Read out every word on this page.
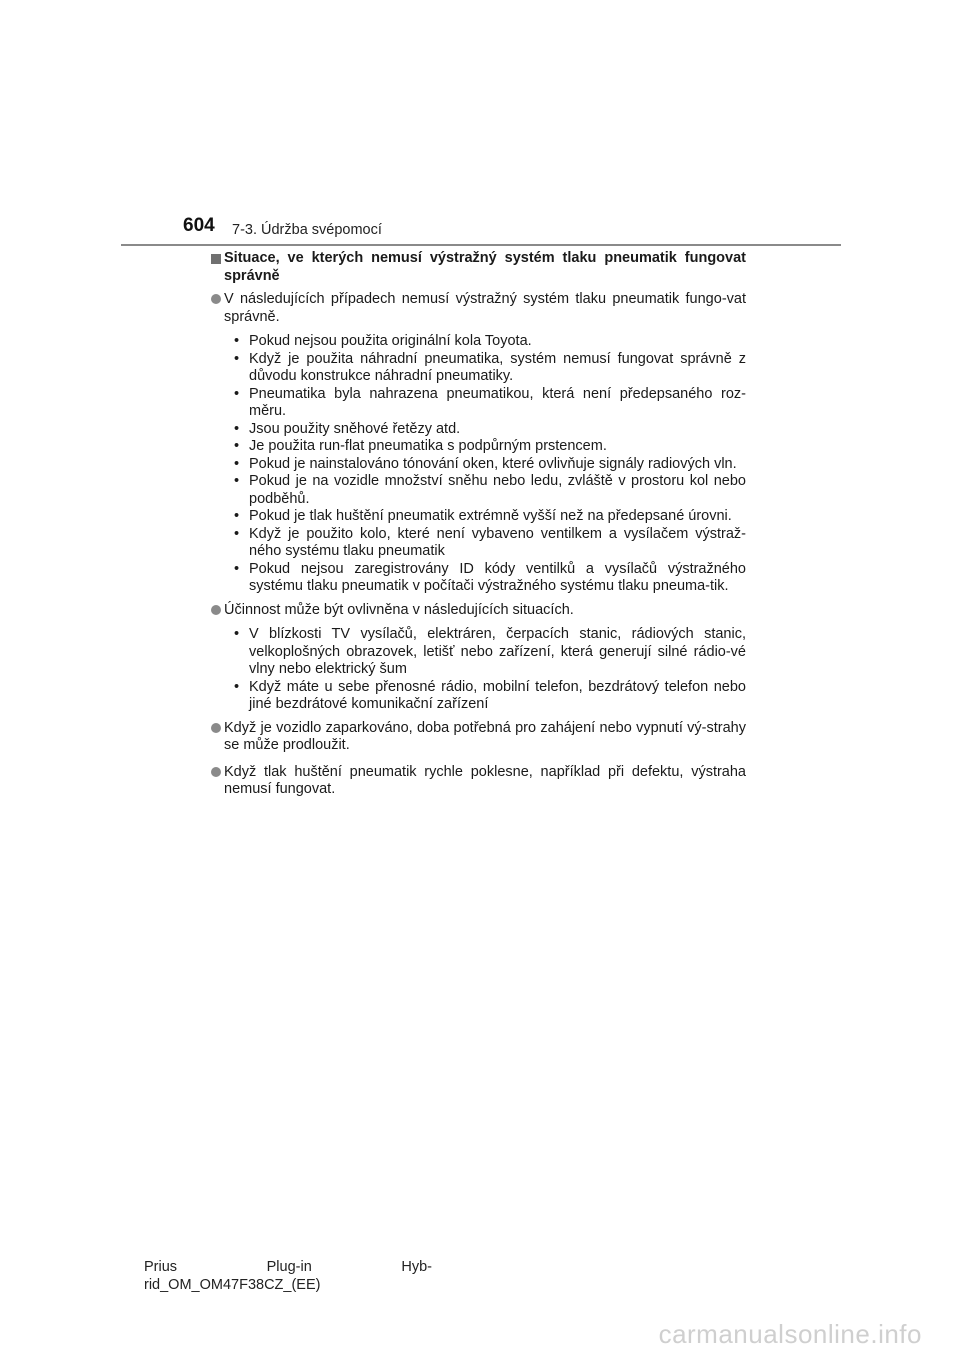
604 7-3. Údržba svépomocí
Situace, ve kterých nemusí výstražný systém tlaku pneumatik fungovat správně
V následujících případech nemusí výstražný systém tlaku pneumatik fungo-vat správně.
• Pokud nejsou použita originální kola Toyota.
• Když je použita náhradní pneumatika, systém nemusí fungovat správně z důvodu konstrukce náhradní pneumatiky.
• Pneumatika byla nahrazena pneumatikou, která není předepsaného roz-měru.
• Jsou použity sněhové řetězy atd.
• Je použita run-flat pneumatika s podpůrným prstencem.
• Pokud je nainstalováno tónování oken, které ovlivňuje signály radiových vln.
• Pokud je na vozidle množství sněhu nebo ledu, zvláště v prostoru kol nebo podběhů.
• Pokud je tlak huštění pneumatik extrémně vyšší než na předepsané úrovni.
• Když je použito kolo, které není vybaveno ventilkem a vysílačem výstraž-ného systému tlaku pneumatik
• Pokud nejsou zaregistrovány ID kódy ventilků a vysílačů výstražného systému tlaku pneumatik v počítači výstražného systému tlaku pneuma-tik.
Účinnost může být ovlivněna v následujících situacích.
• V blízkosti TV vysílačů, elektráren, čerpacích stanic, rádiových stanic, velkoplošných obrazovek, letišť nebo zařízení, která generují silné rádio-vé vlny nebo elektrický šum
• Když máte u sebe přenosné rádio, mobilní telefon, bezdrátový telefon nebo jiné bezdrátové komunikační zařízení
Když je vozidlo zaparkováno, doba potřebná pro zahájení nebo vypnutí vý-strahy se může prodloužit.
Když tlak huštění pneumatik rychle poklesne, například při defektu, výstraha nemusí fungovat.
Prius	Plug-in	Hyb-
rid_OM_OM47F38CZ_(EE)
carmanualsonline.info
